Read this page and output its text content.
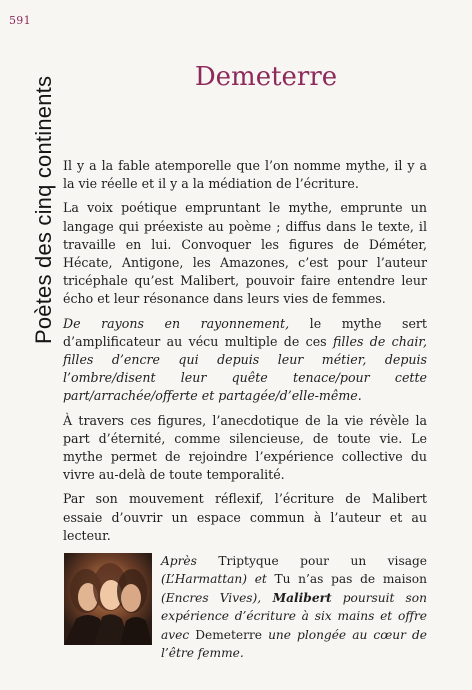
591
Poètes des cinq continents	Demeterre

Il y a la fable atemporelle que l’on nomme mythe, il y a la vie réelle et il y a la médiation de l’écriture.

La voix poétique empruntant le mythe, emprunte un langage qui préexiste au poème ; diffus dans le texte, il travaille en lui. Convoquer les figures de Déméter, Hécate, Antigone, les Amazones, c’est pour l’auteur tricéphale qu’est Malibert, pouvoir faire entendre leur écho et leur résonance dans leurs vies de femmes.

De rayons en rayonnement, le mythe sert d’amplificateur au vécu multiple de ces filles de chair, filles d’encre qui depuis leur métier, depuis l’ombre/disent leur quête tenace/pour cette part/arrachée/offerte et partagée/d’elle-même.

À travers ces figures, l’anecdotique de la vie révèle la part d’éternité, comme silencieuse, de toute vie. Le mythe permet de rejoindre l’expérience collective du vivre au-delà de toute temporalité.

Par son mouvement réflexif, l’écriture de Malibert essaie d’ouvrir un espace commun à l’auteur et au lecteur.

Après Triptyque pour un visage (L’Harmattan) et Tu n’as pas de maison (Encres Vives), Malibert poursuit son expérience d’écriture à six mains et offre avec Demeterre une plongée au cœur de l’être femme.
